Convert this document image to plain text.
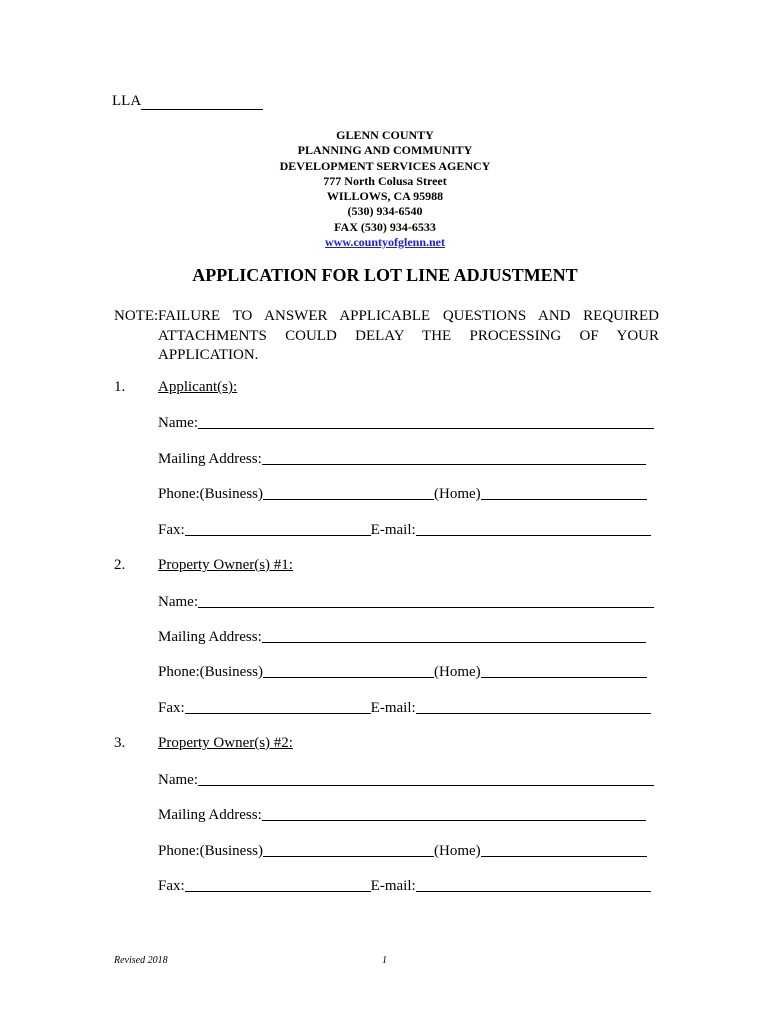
LLA
GLENN COUNTY
PLANNING AND COMMUNITY
DEVELOPMENT SERVICES AGENCY
777 North Colusa Street
WILLOWS, CA 95988
(530) 934-6540
FAX (530) 934-6533
www.countyofglenn.net
APPLICATION FOR LOT LINE ADJUSTMENT
NOTE: FAILURE TO ANSWER APPLICABLE QUESTIONS AND REQUIRED ATTACHMENTS COULD DELAY THE PROCESSING OF YOUR APPLICATION.
1. Applicant(s):
Name:
Mailing Address:
Phone:(Business)	(Home)
Fax:	E-mail:
2. Property Owner(s) #1:
Name:
Mailing Address:
Phone:(Business)	(Home)
Fax:	E-mail:
3. Property Owner(s) #2:
Name:
Mailing Address:
Phone:(Business)	(Home)
Fax:	E-mail:
Revised 2018	1
